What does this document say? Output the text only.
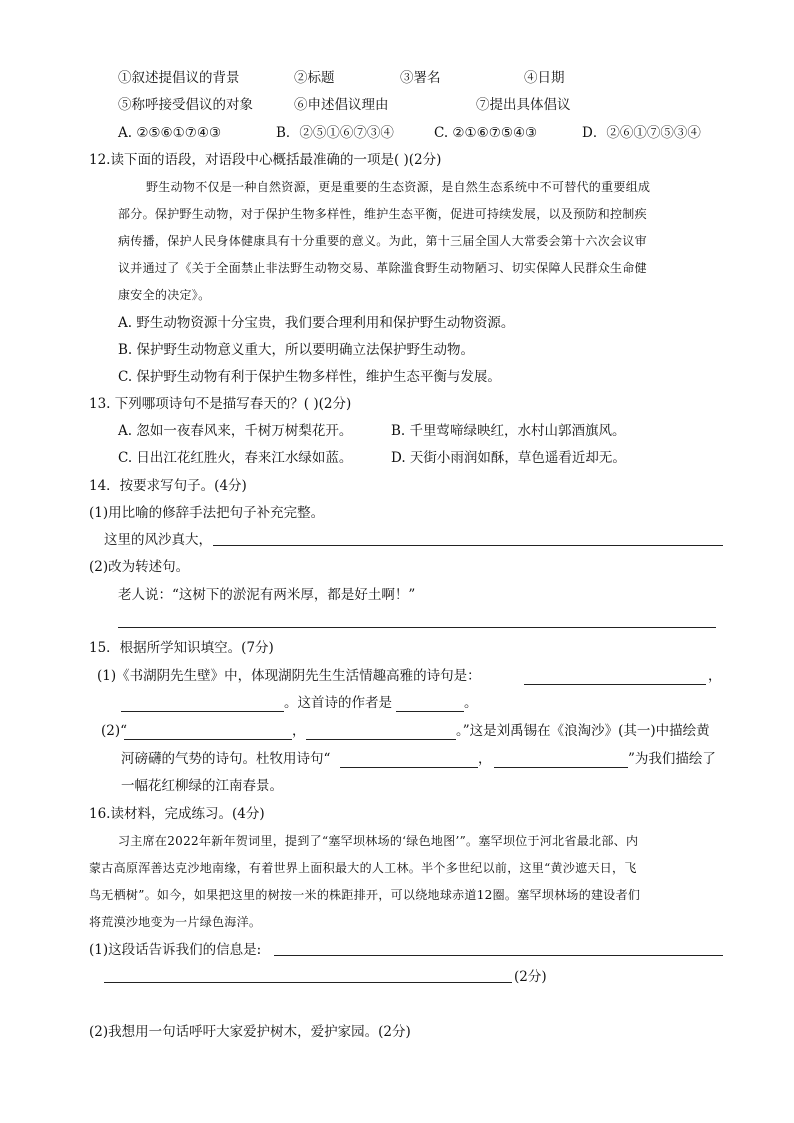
①叙述提倡议的背景	②标题	③署名	④日期
⑤称呼接受倡议的对象	⑥申述倡议理由	⑦提出具体倡议
A. ②⑤⑥①⑦④③	B．②⑤①⑥⑦③④	C. ②①⑥⑦⑤④③	D．②⑥①⑦⑤③④
12.读下面的语段，对语段中心概括最准确的一项是( )(2分)
野生动物不仅是一种自然资源，更是重要的生态资源，是自然生态系统中不可替代的重要组成
部分。保护野生动物，对于保护生物多样性，维护生态平衡，促进可持续发展，以及预防和控制疾
病传播，保护人民身体健康具有十分重要的意义。为此，第十三届全国人大常委会第十六次会议审
议并通过了《关于全面禁止非法野生动物交易、革除滥食野生动物陋习、切实保障人民群众生命健
康安全的决定》。
A. 野生动物资源十分宝贵，我们要合理利用和保护野生动物资源。
B. 保护野生动物意义重大，所以要明确立法保护野生动物。
C. 保护野生动物有利于保护生物多样性，维护生态平衡与发展。
13. 下列哪项诗句不是描写春天的？( )(2分)
A. 忽如一夜春风来，千树万树梨花开。	B. 千里莺啼绿映红，水村山郭酒旗风。
C. 日出江花红胜火，春来江水绿如蓝。	D. 天街小雨润如酥，草色遥看近却无。
14．按要求写句子。(4分)
(1)用比喻的修辞手法把句子补充完整。
这里的风沙真大，
(2)改为转述句。
老人说：“这树下的淤泥有两米厚，都是好土啊！”
15．根据所学知识填空。(7分)
(1)《书湖阴先生壁》中，体现湖阴先生生活情趣高雅的诗句是：	，
。这首诗的作者是	。
(2)“	，	。”这是刘禹锡在《浪淘沙》(其一)中描绘黄
河磅礴的气势的诗句。杜牧用诗句“	，	”为我们描绘了
一幅花红柳绿的江南春景。
16.读材料，完成练习。(4分)
习主席在2022年新年贺词里，提到了“塞罕坝林场的‘绿色地图’”。塞罕坝位于河北省最北部、内
蒙古高原浑善达克沙地南缘，有着世界上面积最大的人工林。半个多世纪以前，这里“黄沙遮天日，飞
鸟无栖树”。如今，如果把这里的树按一米的株距排开，可以绕地球赤道12圈。塞罕坝林场的建设者们
将荒漠沙地变为一片绿色海洋。
(1)这段话告诉我们的信息是:
(2分)
(2)我想用一句话呼吁大家爱护树木，爱护家园。(2分)
